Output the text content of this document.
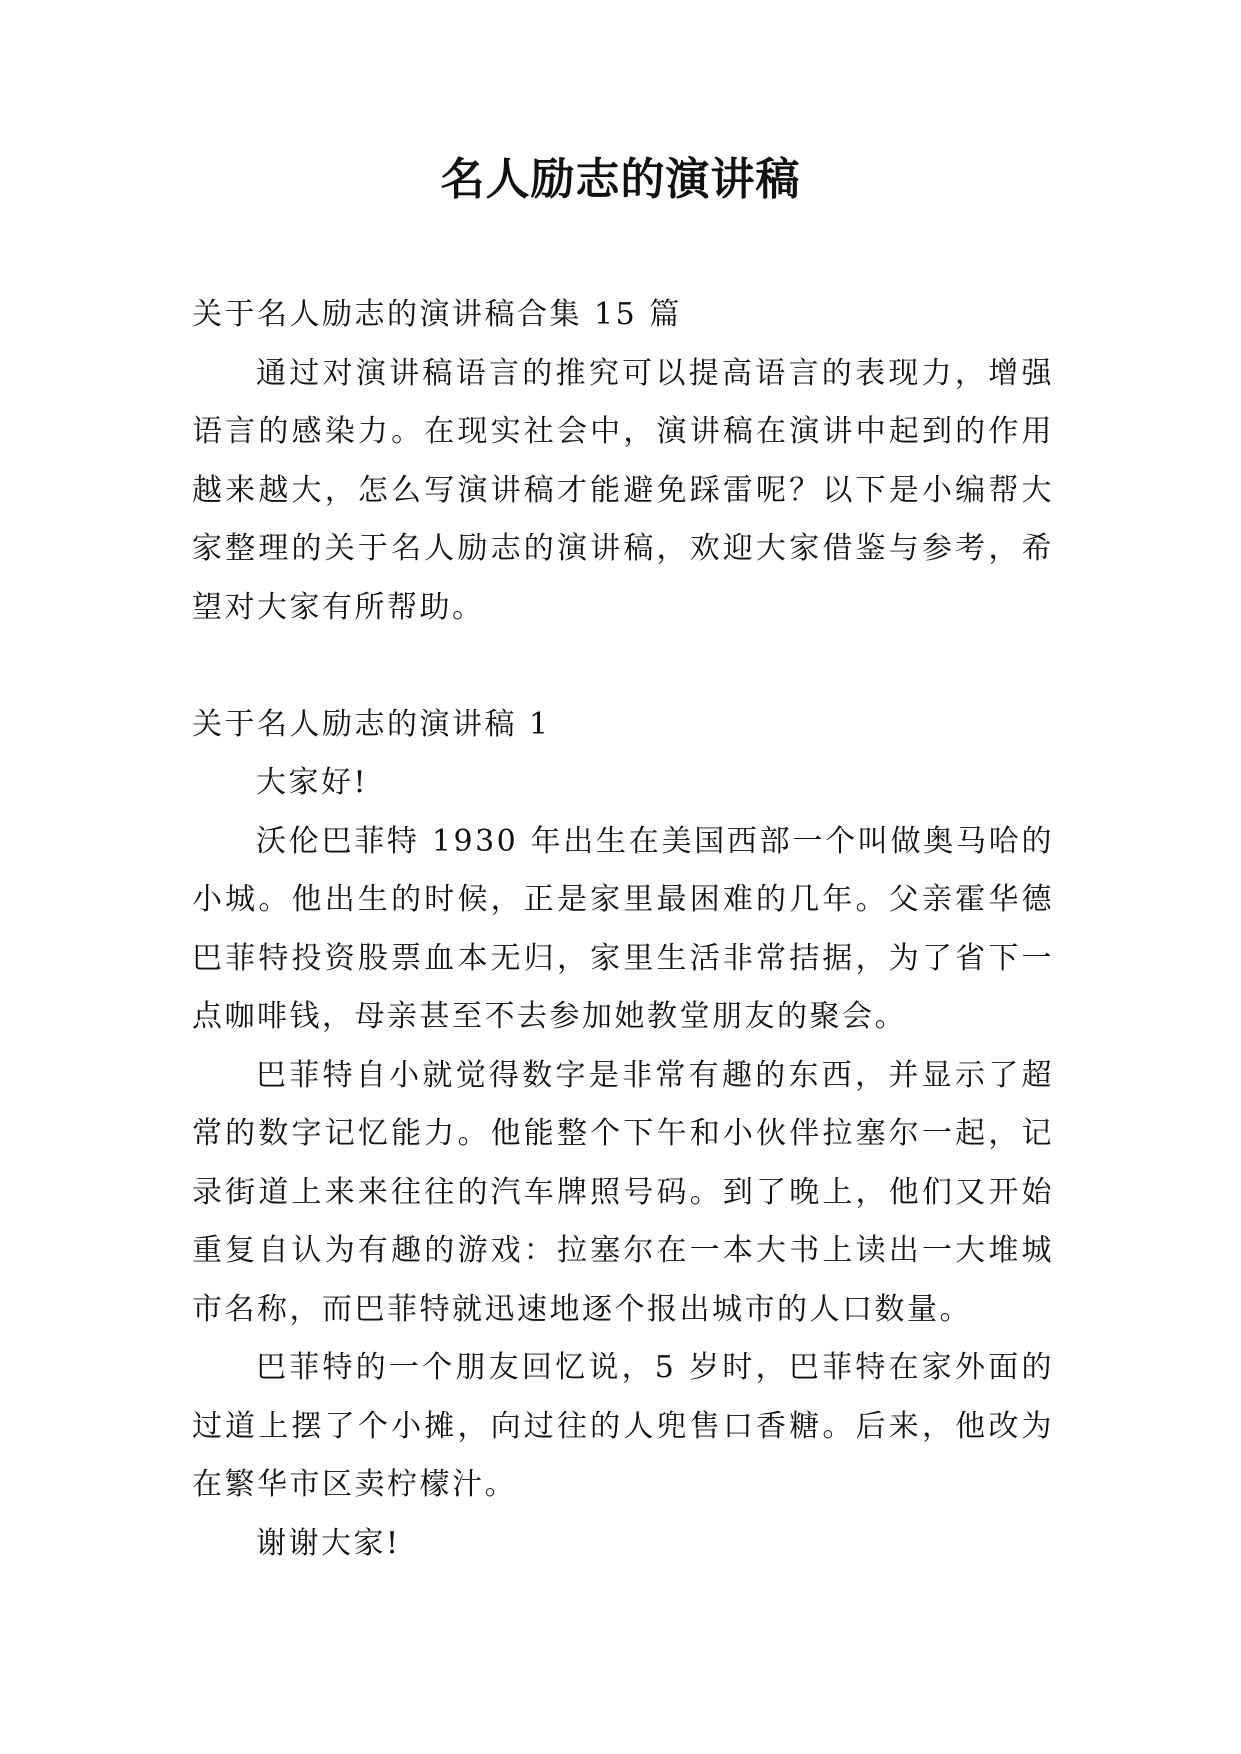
名人励志的演讲稿

关于名人励志的演讲稿合集 15 篇

通过对演讲稿语言的推究可以提高语言的表现力，增强语言的感染力。在现实社会中，演讲稿在演讲中起到的作用越来越大，怎么写演讲稿才能避免踩雷呢？以下是小编帮大家整理的关于名人励志的演讲稿，欢迎大家借鉴与参考，希望对大家有所帮助。

关于名人励志的演讲稿 1

大家好!

沃伦巴菲特 1930 年出生在美国西部一个叫做奥马哈的小城。他出生的时候，正是家里最困难的几年。父亲霍华德巴菲特投资股票血本无归，家里生活非常拮据，为了省下一点咖啡钱，母亲甚至不去参加她教堂朋友的聚会。

巴菲特自小就觉得数字是非常有趣的东西，并显示了超常的数字记忆能力。他能整个下午和小伙伴拉塞尔一起，记录街道上来来往往的汽车牌照号码。到了晚上，他们又开始重复自认为有趣的游戏：拉塞尔在一本大书上读出一大堆城市名称，而巴菲特就迅速地逐个报出城市的人口数量。

巴菲特的一个朋友回忆说，5 岁时，巴菲特在家外面的过道上摆了个小摊，向过往的人兜售口香糖。后来，他改为在繁华市区卖柠檬汁。

谢谢大家!
